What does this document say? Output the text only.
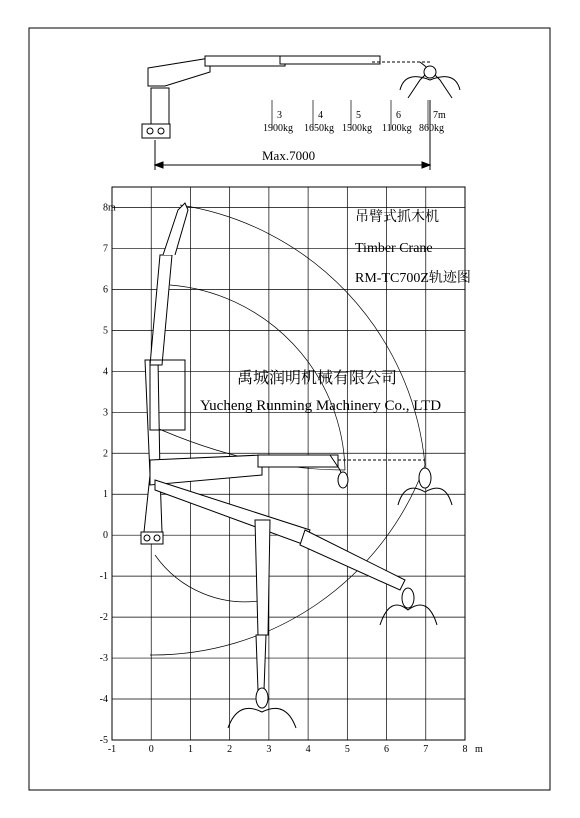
3
1900kg
4
1650kg
5
1500kg
6
1100kg
7m
860kg
Max.7000
-1	0	1	2	3	4	5	6	7	8 m
-5
-4
-3
-2
-1
0
1
2
3
4
5
6
7
8 m
吊臂式抓木机
Timber Crane
RM-TC700Z轨迹图
禹城润明机械有限公司
Yucheng Runming Machinery Co., LTD
